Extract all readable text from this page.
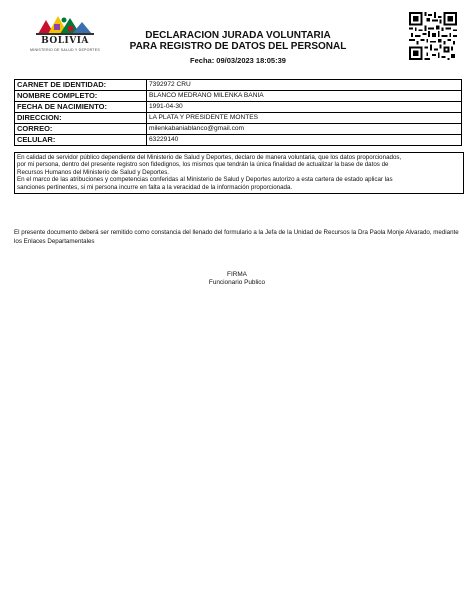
BOLIVIA
MINISTERIO DE SALUD Y DEPORTES
DECLARACION JURADA VOLUNTARIA
PARA REGISTRO DE DATOS DEL PERSONAL
Fecha: 09/03/2023 18:05:39
CARNET DE IDENTIDAD:	7392972 CRU
NOMBRE COMPLETO:	BLANCO MEDRANO MILENKA BANIA
FECHA DE NACIMIENTO:	1991-04-30
DIRECCION:	LA PLATA Y PRESIDENTE MONTES
CORREO:	milenkabaniablanco@gmail.com
CELULAR:	63229140
En calidad de servidor público dependiente del Ministerio de Salud y Deportes, declaro de manera voluntaria, que los datos proporcionados,
por mi persona, dentro del presente registro son fidedignos, los mismos que tendrán la única finalidad de actualizar la base de datos de
Recursos Humanos del Ministerio de Salud y Deportes.
En el marco de las atribuciones y competencias conferidas al Ministerio de Salud y Deportes autorizo a esta cartera de estado aplicar las
sanciones pertinentes, si mi persona incurre en falta a la veracidad de la información proporcionada.
El presente documento deberá ser remitido como constancia del llenado del formulario a la Jefa de la Unidad de Recursos la Dra Paola Monje Alvarado, mediante los Enlaces Departamentales
FIRMA
Funcionario Publico
